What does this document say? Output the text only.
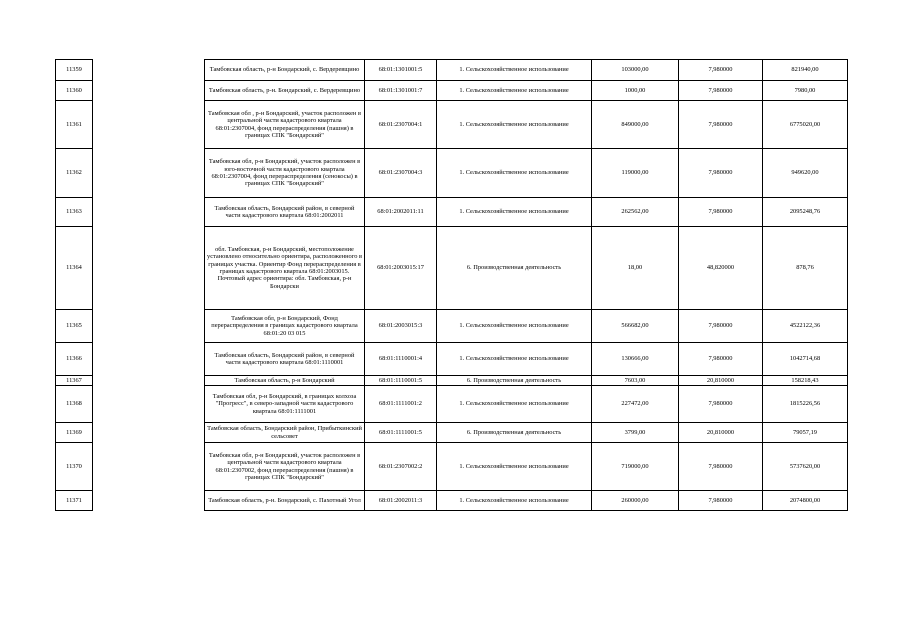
11359		Тамбовская область, р-н Бондарский, с. Вердеревщино	68:01:1301001:5	1. Сельскохозяйственное использование	103000,00	7,980000	821940,00
11360		Тамбовская область, р-н. Бондарский, с. Вердеревщино	68:01:1301001:7	1. Сельскохозяйственное использование	1000,00	7,980000	7980,00
11361		Тамбовская обл , р-н Бондарский, участок расположен в центральной части кадастрового квартала 68:01:2307004, фонд перераспределения (пашня) в границах СПК "Бондарский"	68:01:2307004:1	1. Сельскохозяйственное использование	849000,00	7,980000	6775020,00
11362		Тамбовская обл, р-н Бондарский, участок расположен в юго-восточной части кадастрового квартала 68:01:2307004, фонд перераспределения (сенокосы) в границах СПК "Бондарский"	68:01:2307004:3	1. Сельскохозяйственное использование	119000,00	7,980000	949620,00
11363		Тамбовская область, Бондарский район, в северной части кадастрового квартала 68:01:2002011	68:01:2002011:11	1. Сельскохозяйственное использование	262562,00	7,980000	2095248,76
11364		обл. Тамбовская, р-н Бондарский, местоположение установлено относительно ориентира, расположенного в границах участка. Ориентир Фонд перераспределения в границах кадастрового квартала 68:01:2003015. Почтовый адрес ориентира: обл. Тамбовская, р-н Бондарски	68:01:2003015:17	6. Производственная деятельность	18,00	48,820000	878,76
11365		Тамбовская обл, р-н Бондарский, Фонд перераспределения в границах кадастрового квартала 68:01:20 03 015	68:01:2003015:3	1. Сельскохозяйственное использование	566682,00	7,980000	4522122,36
11366		Тамбовская область, Бондарский район, в северной части кадастрового квартала 68:01:1110001	68:01:1110001:4	1. Сельскохозяйственное использование	130666,00	7,980000	1042714,68
11367		Тамбовская область, р-н Бондарский	68:01:1110001:5	6. Производственная деятельность	7603,00	20,810000	158218,43
11368		Тамбовская обл, р-н Бондарский, в границах колхоза "Прогресс", в северо-западной части кадастрового квартала 68:01:1111001	68:01:1111001:2	1. Сельскохозяйственное использование	227472,00	7,980000	1815226,56
11369		Тамбовская область, Бондарский район, Прибыткинский сельсовет	68:01:1111001:5	6. Производственная деятельность	3799,00	20,810000	79057,19
11370		Тамбовская обл, р-н Бондарский, участок расположен в центральной части кадастрового квартала 68:01:2307002, фонд перераспределения (пашня) в границах СПК "Бондарский"	68:01:2307002:2	1. Сельскохозяйственное использование	719000,00	7,980000	5737620,00
11371		Тамбовская область, р-н. Бондарский, с. Пахотный Угол	68:01:2002011:3	1. Сельскохозяйственное использование	260000,00	7,980000	2074800,00
